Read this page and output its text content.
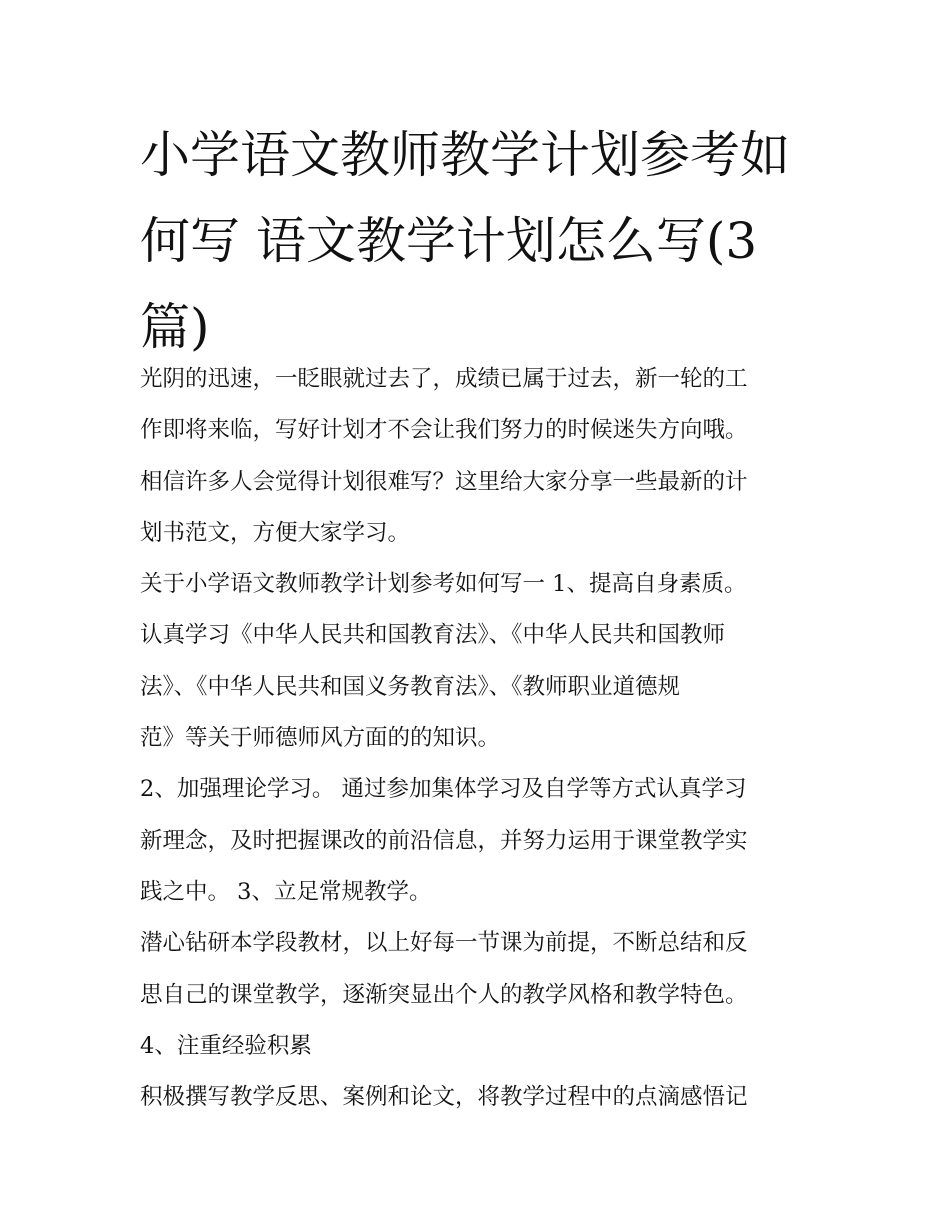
小学语文教师教学计划参考如
何写 语文教学计划怎么写(3
篇)
光阴的迅速，一眨眼就过去了，成绩已属于过去，新一轮的工
作即将来临，写好计划才不会让我们努力的时候迷失方向哦。
相信许多人会觉得计划很难写？这里给大家分享一些最新的计
划书范文，方便大家学习。
关于小学语文教师教学计划参考如何写一 1、提高自身素质。
认真学习《中华人民共和国教育法》、《中华人民共和国教师
法》、《中华人民共和国义务教育法》、《教师职业道德规
范》等关于师德师风方面的的知识。
2、加强理论学习。 通过参加集体学习及自学等方式认真学习
新理念，及时把握课改的前沿信息，并努力运用于课堂教学实
践之中。 3、立足常规教学。
潜心钻研本学段教材，以上好每一节课为前提，不断总结和反
思自己的课堂教学，逐渐突显出个人的教学风格和教学特色。
4、注重经验积累
积极撰写教学反思、案例和论文，将教学过程中的点滴感悟记
